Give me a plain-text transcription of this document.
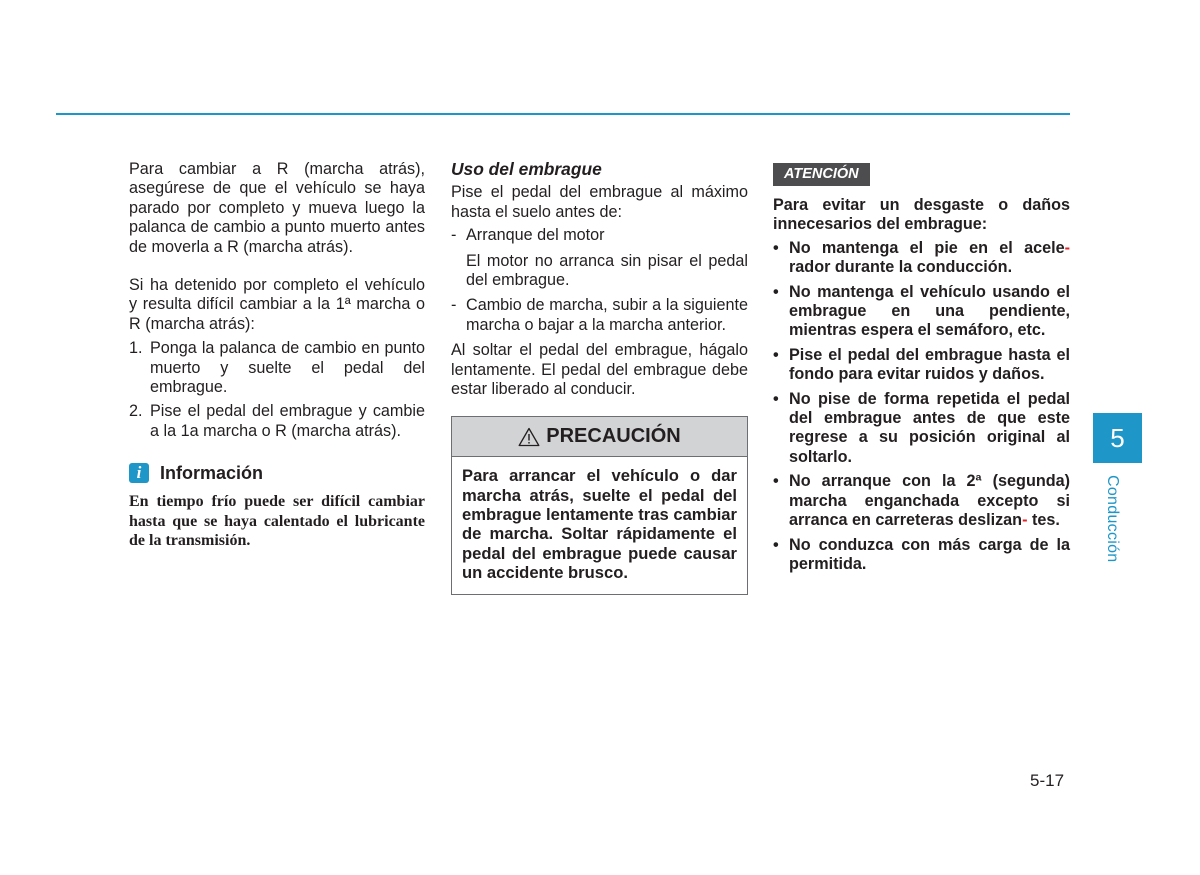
Para cambiar a R (marcha atrás), asegúrese de que el vehículo se haya parado por completo y mueva luego la palanca de cambio a punto muerto antes de moverla a R (marcha atrás).

Si ha detenido por completo el vehículo y resulta difícil cambiar a la 1ª marcha o R (marcha atrás):

1. Ponga la palanca de cambio en punto muerto y suelte el pedal del embrague.
2. Pise el pedal del embrague y cambie a la 1a marcha o R (marcha atrás).
i	Información

En tiempo frío puede ser difícil cambiar hasta que se haya calentado el lubricante de la transmisión.

Uso del embrague

Pise el pedal del embrague al máximo hasta el suelo antes de:

- Arranque del motor
El motor no arranca sin pisar el pedal del embrague.
- Cambio de marcha, subir a la siguiente marcha o bajar a la marcha anterior.

Al soltar el pedal del embrague, hágalo lentamente. El pedal del embrague debe estar liberado al conducir.

PRECAUCIÓN

Para arrancar el vehículo o dar marcha atrás, suelte el pedal del embrague lentamente tras cambiar de marcha. Soltar rápidamente el pedal del embrague puede causar un accidente brusco.

ATENCIÓN

Para evitar un desgaste o daños innecesarios del embrague:

• No mantenga el pie en el acele- rador durante la conducción.
• No mantenga el vehículo usando el embrague en una pendiente, mientras espera el semáforo, etc.
• Pise el pedal del embrague hasta el fondo para evitar ruidos y daños.
• No pise de forma repetida el pedal del embrague antes de que este regrese a su posición original al soltarlo.
• No arranque con la 2ª (segunda) marcha enganchada excepto si arranca en carreteras deslizan- tes.
• No conduzca con más carga de la permitida.
5
Conducción
5-17
